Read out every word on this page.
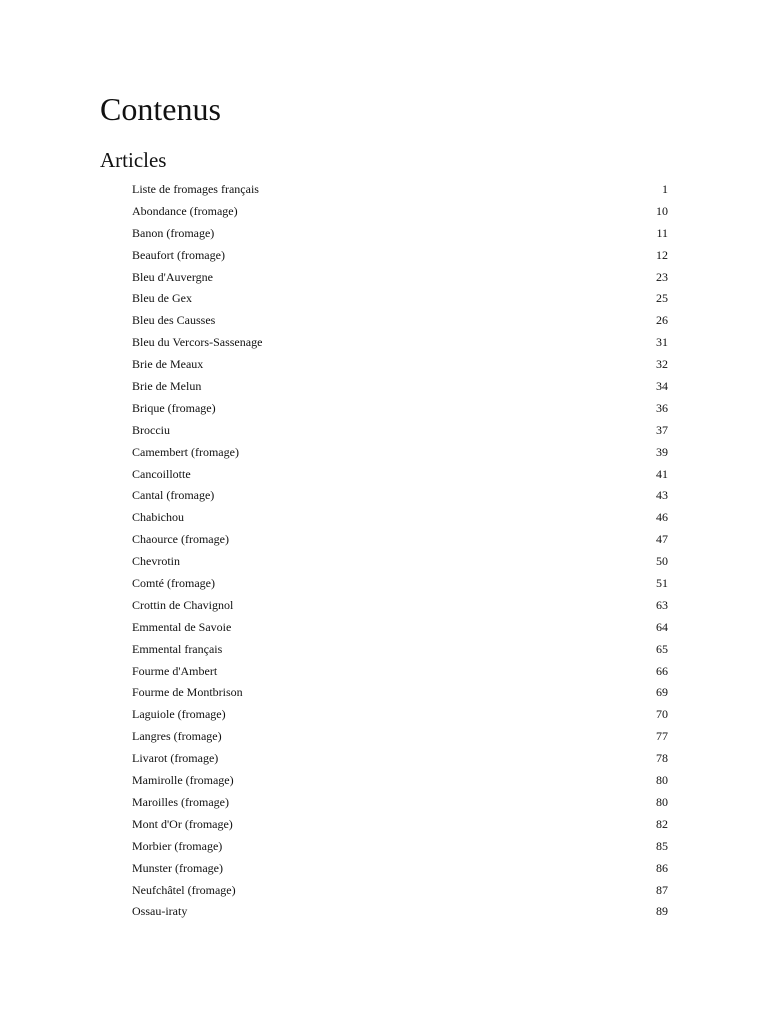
Contenus
Articles
Liste de fromages français	1
Abondance (fromage)	10
Banon (fromage)	11
Beaufort (fromage)	12
Bleu d'Auvergne	23
Bleu de Gex	25
Bleu des Causses	26
Bleu du Vercors-Sassenage	31
Brie de Meaux	32
Brie de Melun	34
Brique (fromage)	36
Brocciu	37
Camembert (fromage)	39
Cancoillotte	41
Cantal (fromage)	43
Chabichou	46
Chaource (fromage)	47
Chevrotin	50
Comté (fromage)	51
Crottin de Chavignol	63
Emmental de Savoie	64
Emmental français	65
Fourme d'Ambert	66
Fourme de Montbrison	69
Laguiole (fromage)	70
Langres (fromage)	77
Livarot (fromage)	78
Mamirolle (fromage)	80
Maroilles (fromage)	80
Mont d'Or (fromage)	82
Morbier (fromage)	85
Munster (fromage)	86
Neufchâtel (fromage)	87
Ossau-iraty	89
